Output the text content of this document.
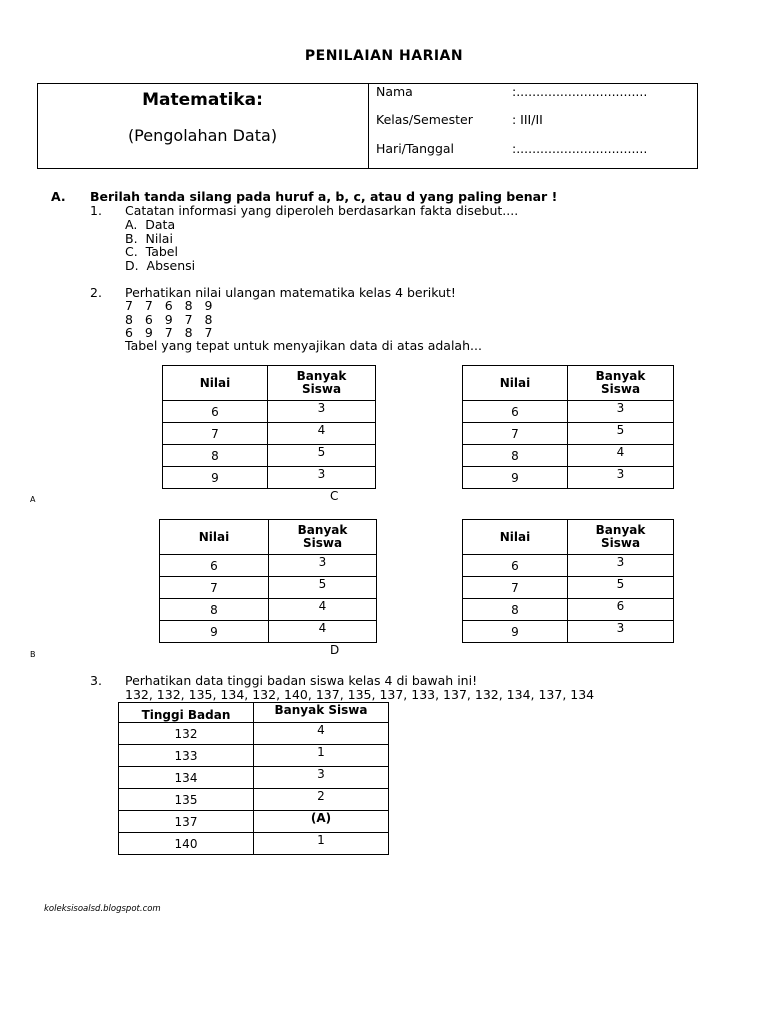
PENILAIAN HARIAN
Matematika:
(Pengolahan Data)
Nama	:.................................
Kelas/Semester	: III/II
Hari/Tanggal	:.................................
A. Berilah tanda silang pada huruf a, b, c, atau d yang paling benar !
1. Catatan informasi yang diperoleh berdasarkan fakta disebut....
A.  Data
B.  Nilai
C.  Tabel
D.  Absensi
2. Perhatikan nilai ulangan matematika kelas 4 berikut!
7   7   6   8   9
8   6   9   7   8
6   9   7   8   7
Tabel yang tepat untuk menyajikan data di atas adalah...
Nilai	Banyak
Siswa
6	3
7	4
8	5
9	3
A
Nilai	Banyak
Siswa
6	3
7	5
8	4
9	3
C
Nilai	Banyak
Siswa
6	3
7	5
8	4
9	4
B
Nilai	Banyak
Siswa
6	3
7	5
8	6
9	3
D
3. Perhatikan data tinggi badan siswa kelas 4 di bawah ini!
132, 132, 135, 134, 132, 140, 137, 135, 137, 133, 137, 132, 134, 137, 134
Tinggi Badan	Banyak Siswa
132	4
133	1
134	3
135	2
137	(A)
140	1
koleksisoalsd.blogspot.com
